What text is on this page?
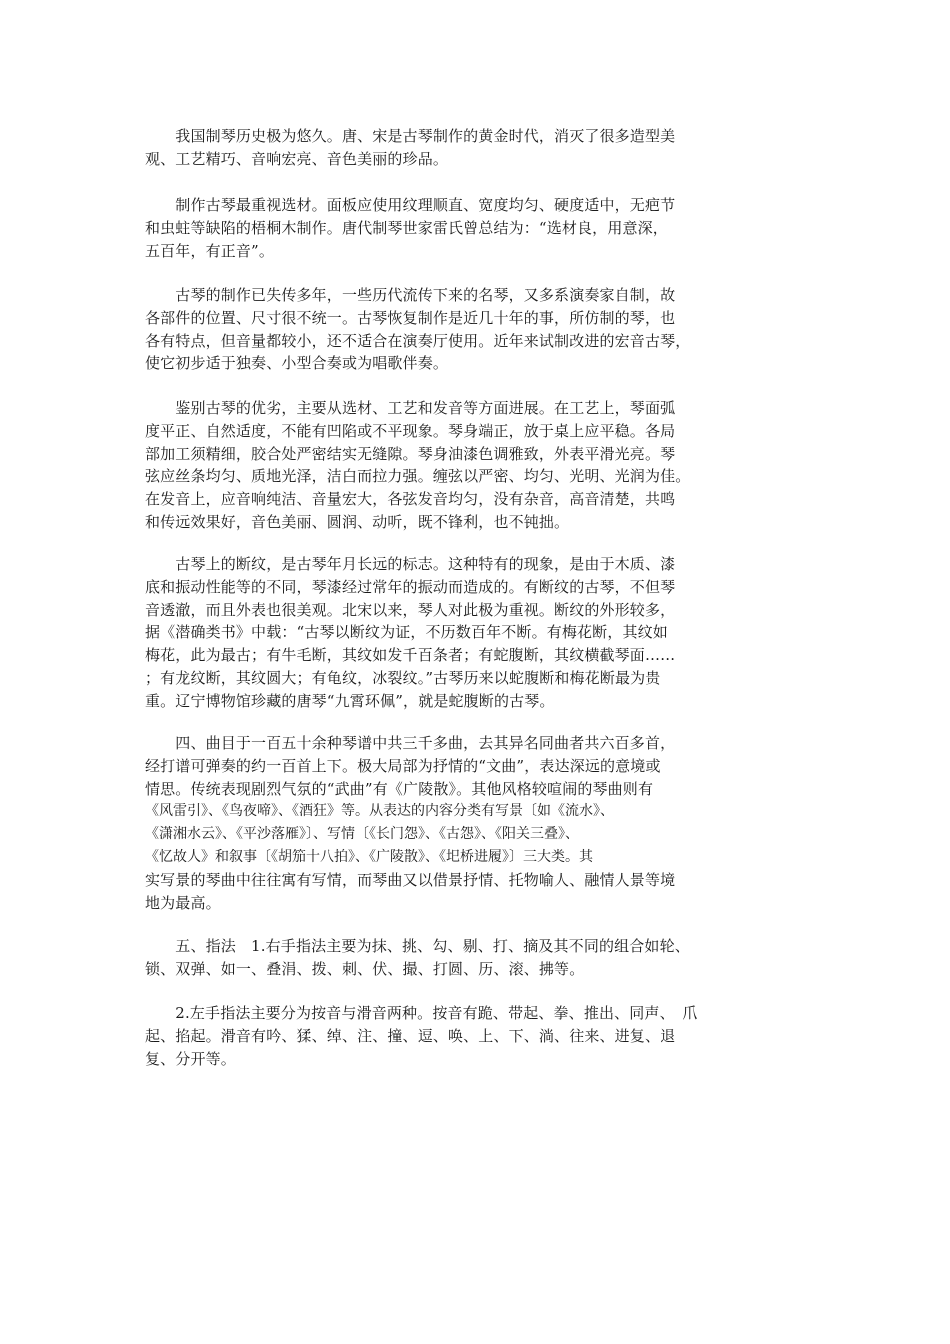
　　我国制琴历史极为悠久。唐、宋是古琴制作的黄金时代，消灭了很多造型美
观、工艺精巧、音响宏亮、音色美丽的珍品。
　　制作古琴最重视选材。面板应使用纹理顺直、宽度均匀、硬度适中，无疤节
和虫蛀等缺陷的梧桐木制作。唐代制琴世家雷氏曾总结为：“选材良，用意深，
五百年，有正音”。
　　古琴的制作已失传多年，一些历代流传下来的名琴，又多系演奏家自制，故
各部件的位置、尺寸很不统一。古琴恢复制作是近几十年的事，所仿制的琴，也
各有特点，但音量都较小，还不适合在演奏厅使用。近年来试制改进的宏音古琴，
使它初步适于独奏、小型合奏或为唱歌伴奏。
　　鉴别古琴的优劣，主要从选材、工艺和发音等方面进展。在工艺上，琴面弧
度平正、自然适度，不能有凹陷或不平现象。琴身端正，放于桌上应平稳。各局
部加工须精细，胶合处严密结实无缝隙。琴身油漆色调雅致，外表平滑光亮。琴
弦应丝条均匀、质地光泽，洁白而拉力强。缠弦以严密、均匀、光明、光润为佳。
在发音上，应音响纯洁、音量宏大，各弦发音均匀，没有杂音，高音清楚，共鸣
和传远效果好，音色美丽、圆润、动听，既不锋利，也不钝拙。
　　古琴上的断纹，是古琴年月长远的标志。这种特有的现象，是由于木质、漆
底和振动性能等的不同，琴漆经过常年的振动而造成的。有断纹的古琴，不但琴
音透澈，而且外表也很美观。北宋以来，琴人对此极为重视。断纹的外形较多，
据《潜确类书》中载：“古琴以断纹为证，不历数百年不断。有梅花断，其纹如
梅花，此为最古；有牛毛断，其纹如发千百条者；有蛇腹断，其纹横截琴面……
；有龙纹断，其纹圆大；有龟纹，冰裂纹。”古琴历来以蛇腹断和梅花断最为贵
重。辽宁博物馆珍藏的唐琴“九霄环佩”，就是蛇腹断的古琴。
　　四、曲目于一百五十余种琴谱中共三千多曲，去其异名同曲者共六百多首，
经打谱可弹奏的约一百首上下。极大局部为抒情的“文曲”，表达深远的意境或
情思。传统表现剧烈气氛的“武曲”有《广陵散》。其他风格较喧闹的琴曲则有
《风雷引》、《鸟夜啼》、《酒狂》等。从表达的内容分类有写景〔如《流水》、
《潇湘水云》、《平沙落雁》〕、写情〔《长门怨》、《古怨》、《阳关三叠》、
《忆故人》和叙事〔《胡笳十八拍》、《广陵散》、《圯桥进履》〕三大类。其
实写景的琴曲中往往寓有写情，而琴曲又以借景抒情、托物喻人、融情人景等境
地为最高。
　　五、指法　1.右手指法主要为抹、挑、勾、剔、打、摘及其不同的组合如轮、
锁、双弹、如一、叠涓、拨、刺、伏、撮、打圆、历、滚、拂等。
　　2.左手指法主要分为按音与滑音两种。按音有跪、带起、拳、推出、同声、　爪
起、掐起。滑音有吟、猱、绰、注、撞、逗、唤、上、下、淌、往来、进复、退
复、分开等。
